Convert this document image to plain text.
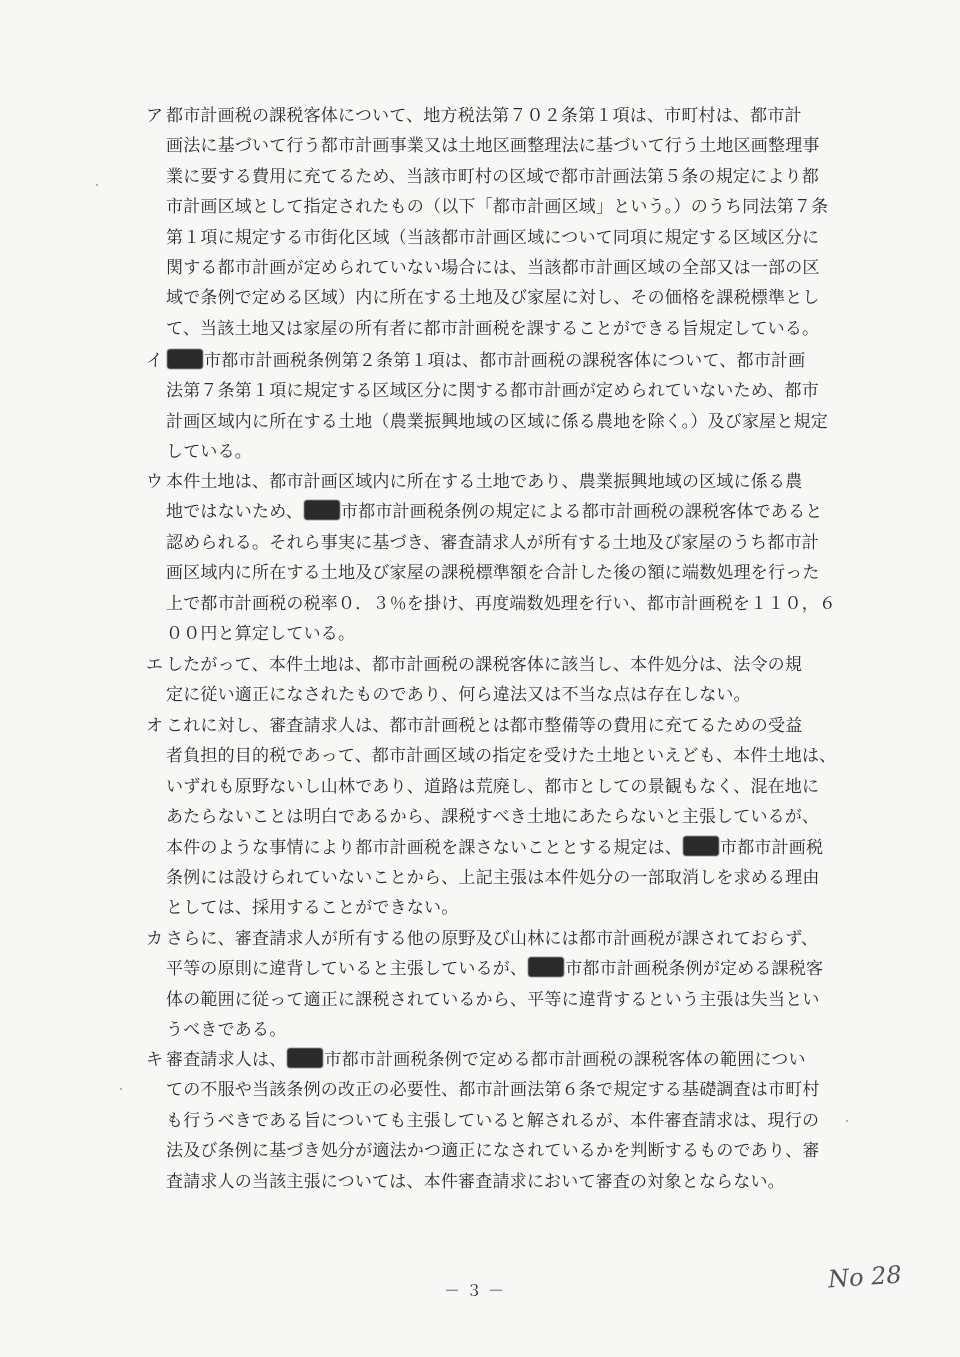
ア 都市計画税の課税客体について、地方税法第７０２条第１項は、市町村は、都市計
画法に基づいて行う都市計画事業又は土地区画整理法に基づいて行う土地区画整理事
業に要する費用に充てるため、当該市町村の区域で都市計画法第５条の規定により都
市計画区域として指定されたもの（以下「都市計画区域」という。）のうち同法第７条
第１項に規定する市街化区域（当該都市計画区域について同項に規定する区域区分に
関する都市計画が定められていない場合には、当該都市計画区域の全部又は一部の区
域で条例で定める区域）内に所在する土地及び家屋に対し、その価格を課税標準とし
て、当該土地又は家屋の所有者に都市計画税を課することができる旨規定している。
イ	市都市計画税条例第２条第１項は、都市計画税の課税客体について、都市計画
法第７条第１項に規定する区域区分に関する都市計画が定められていないため、都市
計画区域内に所在する土地（農業振興地域の区域に係る農地を除く。）及び家屋と規定
している。
ウ 本件土地は、都市計画区域内に所在する土地であり、農業振興地域の区域に係る農
地ではないため、 市都市計画税条例の規定による都市計画税の課税客体であると
認められる。それら事実に基づき、審査請求人が所有する土地及び家屋のうち都市計
画区域内に所在する土地及び家屋の課税標準額を合計した後の額に端数処理を行った
上で都市計画税の税率０．３％を掛け、再度端数処理を行い、都市計画税を１１０，６
００円と算定している。
エ したがって、本件土地は、都市計画税の課税客体に該当し、本件処分は、法令の規
定に従い適正になされたものであり、何ら違法又は不当な点は存在しない。
オ これに対し、審査請求人は、都市計画税とは都市整備等の費用に充てるための受益
者負担的目的税であって、都市計画区域の指定を受けた土地といえども、本件土地は、
いずれも原野ないし山林であり、道路は荒廃し、都市としての景観もなく、混在地に
あたらないことは明白であるから、課税すべき土地にあたらないと主張しているが、
本件のような事情により都市計画税を課さないこととする規定は、 市都市計画税
条例には設けられていないことから、上記主張は本件処分の一部取消しを求める理由
としては、採用することができない。
カ さらに、審査請求人が所有する他の原野及び山林には都市計画税が課されておらず、
平等の原則に違背していると主張しているが、 市都市計画税条例が定める課税客
体の範囲に従って適正に課税されているから、平等に違背するという主張は失当とい
うべきである。
キ 審査請求人は、 市都市計画税条例で定める都市計画税の課税客体の範囲につい
ての不服や当該条例の改正の必要性、都市計画法第６条で規定する基礎調査は市町村
も行うべきである旨についても主張していると解されるが、本件審査請求は、現行の
法及び条例に基づき処分が適法かつ適正になされているかを判断するものであり、審
査請求人の当該主張については、本件審査請求において審査の対象とならない。
－３－	No 28
